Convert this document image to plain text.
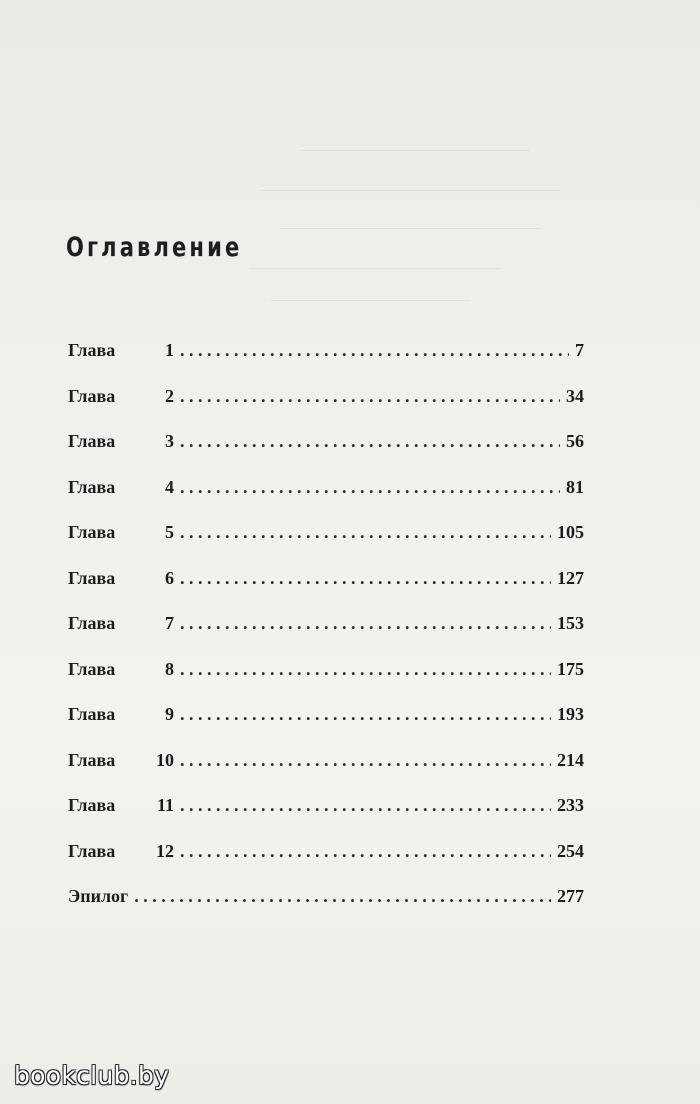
Оглавление
Глава	1 . . .	7
Глава	2 . . .	34
Глава	3 . . .	56
Глава	4 . . .	81
Глава	5 . . .	105
Глава	6 . . .	127
Глава	7 . . .	153
Глава	8 . . .	175
Глава	9 . . .	193
Глава	10 . . .	214
Глава	11 . . .	233
Глава	12 . . .	254
Эпилог . . .	277
bookclub.by
